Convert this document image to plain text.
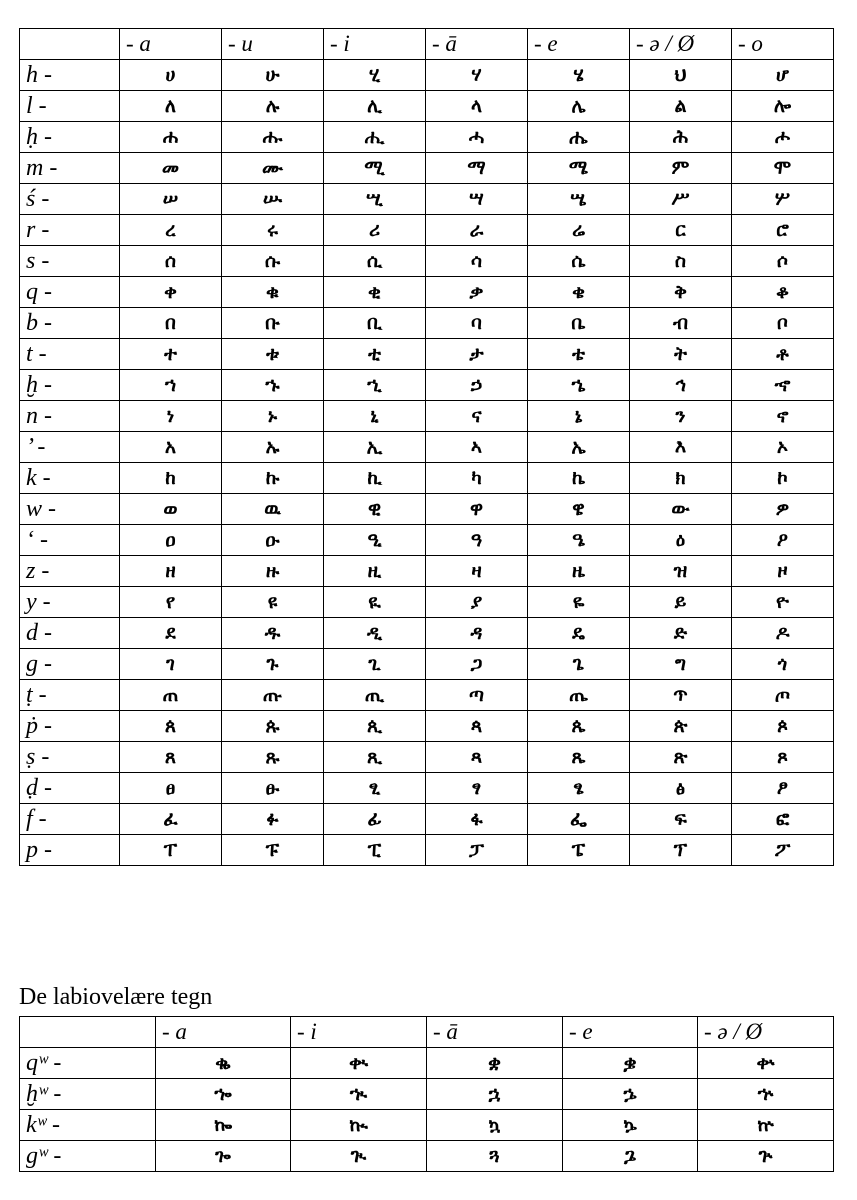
	- a	- u	- i	- ā	- e	- ə / Ø	- o
h -	ሀ	ሁ	ሂ	ሃ	ሄ	ህ	ሆ
l -	ለ	ሉ	ሊ	ላ	ሌ	ል	ሎ
ḥ -	ሐ	ሑ	ሒ	ሓ	ሔ	ሕ	ሖ
m -	መ	ሙ	ሚ	ማ	ሜ	ም	ሞ
ś -	ሠ	ሡ	ሢ	ሣ	ሤ	ሥ	ሦ
r -	ረ	ሩ	ሪ	ራ	ሬ	ር	ሮ
s -	ሰ	ሱ	ሲ	ሳ	ሴ	ስ	ሶ
q -	ቀ	ቁ	ቂ	ቃ	ቄ	ቅ	ቆ
b -	በ	ቡ	ቢ	ባ	ቤ	ብ	ቦ
t -	ተ	ቱ	ቲ	ታ	ቴ	ት	ቶ
ḫ -	ኀ	ኁ	ኂ	ኃ	ኄ	ኅ	ኆ
n -	ነ	ኑ	ኒ	ና	ኔ	ን	ኖ
’ -	አ	ኡ	ኢ	ኣ	ኤ	እ	ኦ
k -	ከ	ኩ	ኪ	ካ	ኬ	ክ	ኮ
w -	ወ	ዉ	ዊ	ዋ	ዌ	ው	ዎ
‘ -	ዐ	ዑ	ዒ	ዓ	ዔ	ዕ	ዖ
z -	ዘ	ዙ	ዚ	ዛ	ዜ	ዝ	ዞ
y -	የ	ዩ	ዪ	ያ	ዬ	ይ	ዮ
d -	ደ	ዱ	ዲ	ዳ	ዴ	ድ	ዶ
g -	ገ	ጉ	ጊ	ጋ	ጌ	ግ	ጎ
ṭ -	ጠ	ጡ	ጢ	ጣ	ጤ	ጥ	ጦ
ṗ -	ጰ	ጱ	ጲ	ጳ	ጴ	ጵ	ጶ
ṣ -	ጸ	ጹ	ጺ	ጻ	ጼ	ጽ	ጾ
ḍ -	ፀ	ፁ	ፂ	ፃ	ፄ	ፅ	ፆ
f -	ፈ	ፉ	ፊ	ፋ	ፌ	ፍ	ፎ
p -	ፐ	ፑ	ፒ	ፓ	ፔ	ፕ	ፖ
De labiovelære tegn
	- a	- i	- ā	- e	- ə / Ø
qʷ -	ቈ	ቊ	ቋ	ቌ	ቍ
ḫʷ -	ኈ	ኊ	ኋ	ኌ	ኍ
kʷ -	ኰ	ኲ	ኳ	ኴ	ኵ
gʷ -	ጐ	ጒ	ጓ	ጔ	ጕ
